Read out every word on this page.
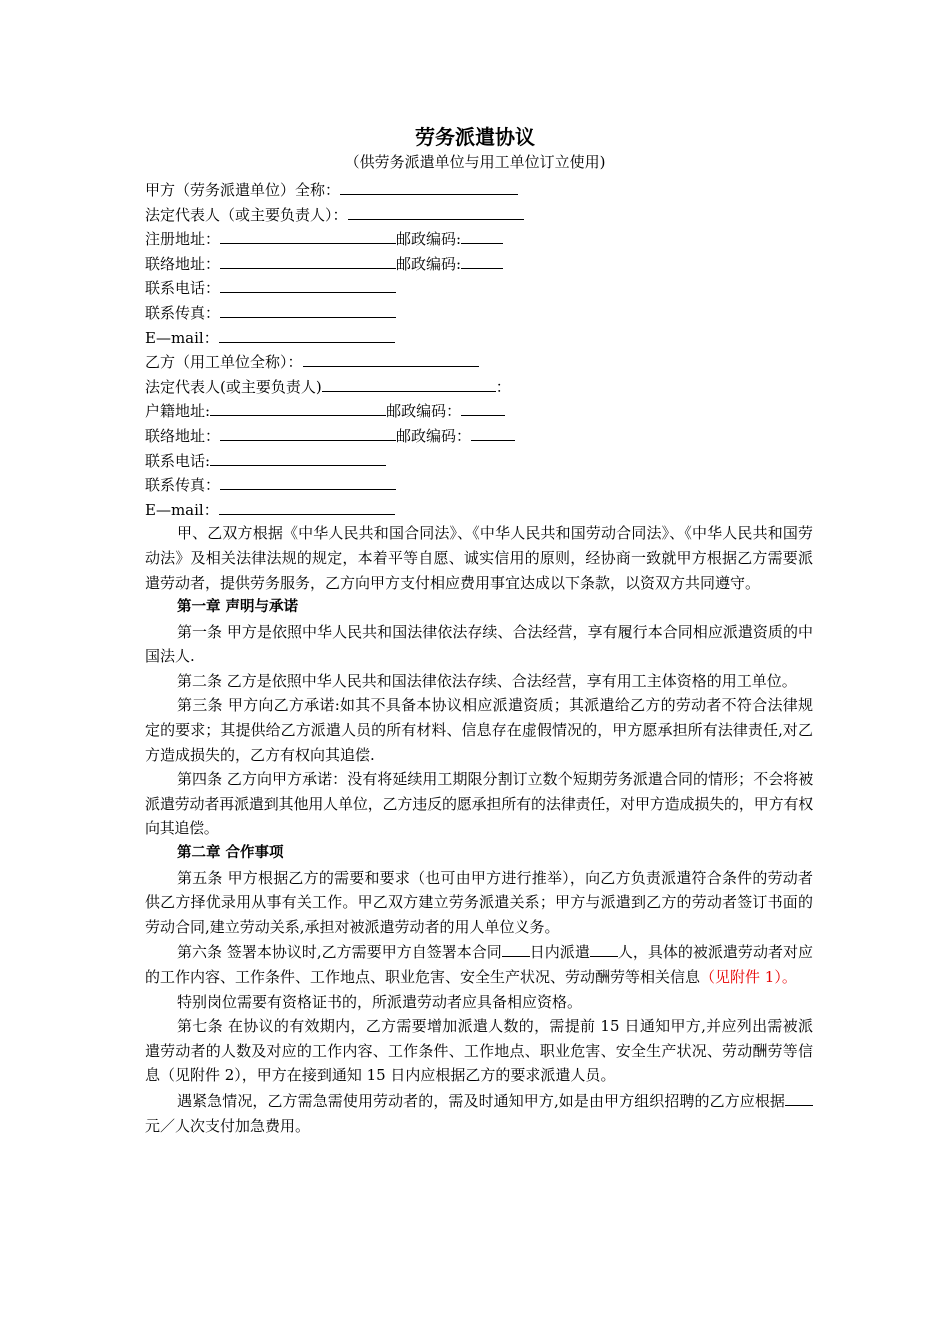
劳务派遣协议
（供劳务派遣单位与用工单位订立使用)
甲方（劳务派遣单位）全称：
法定代表人（或主要负责人）：
注册地址：	邮政编码:
联络地址：	邮政编码:
联系电话：
联系传真：
E—mail：
乙方（用工单位全称）：
法定代表人(或主要负责人)	：
户籍地址:	邮政编码：
联络地址：	邮政编码：
联系电话:
联系传真：
E—mail：
甲、乙双方根据《中华人民共和国合同法》、《中华人民共和国劳动合同法》、《中华人民共和国劳动法》及相关法律法规的规定，本着平等自愿、诚实信用的原则，经协商一致就甲方根据乙方需要派遣劳动者，提供劳务服务，乙方向甲方支付相应费用事宜达成以下条款，以资双方共同遵守。
第一章 声明与承诺
第一条 甲方是依照中华人民共和国法律依法存续、合法经营，享有履行本合同相应派遣资质的中国法人.
第二条 乙方是依照中华人民共和国法律依法存续、合法经营，享有用工主体资格的用工单位。
第三条 甲方向乙方承诺:如其不具备本协议相应派遣资质；其派遣给乙方的劳动者不符合法律规定的要求；其提供给乙方派遣人员的所有材料、信息存在虚假情况的，甲方愿承担所有法律责任,对乙方造成损失的，乙方有权向其追偿.
第四条 乙方向甲方承诺：没有将延续用工期限分割订立数个短期劳务派遣合同的情形；不会将被派遣劳动者再派遣到其他用人单位，乙方违反的愿承担所有的法律责任，对甲方造成损失的，甲方有权向其追偿。
第二章 合作事项
第五条 甲方根据乙方的需要和要求（也可由甲方进行推举），向乙方负责派遣符合条件的劳动者供乙方择优录用从事有关工作。甲乙双方建立劳务派遣关系；甲方与派遣到乙方的劳动者签订书面的劳动合同,建立劳动关系,承担对被派遣劳动者的用人单位义务。
第六条 签署本协议时,乙方需要甲方自签署本合同 日内派遣 人，具体的被派遣劳动者对应的工作内容、工作条件、工作地点、职业危害、安全生产状况、劳动酬劳等相关信息（见附件 1）。
特别岗位需要有资格证书的，所派遣劳动者应具备相应资格。
第七条 在协议的有效期内，乙方需要增加派遣人数的，需提前 15 日通知甲方,并应列出需被派遣劳动者的人数及对应的工作内容、工作条件、工作地点、职业危害、安全生产状况、劳动酬劳等信息（见附件 2），甲方在接到通知 15 日内应根据乙方的要求派遣人员。
遇紧急情况，乙方需急需使用劳动者的，需及时通知甲方,如是由甲方组织招聘的乙方应根据元／人次支付加急费用。
